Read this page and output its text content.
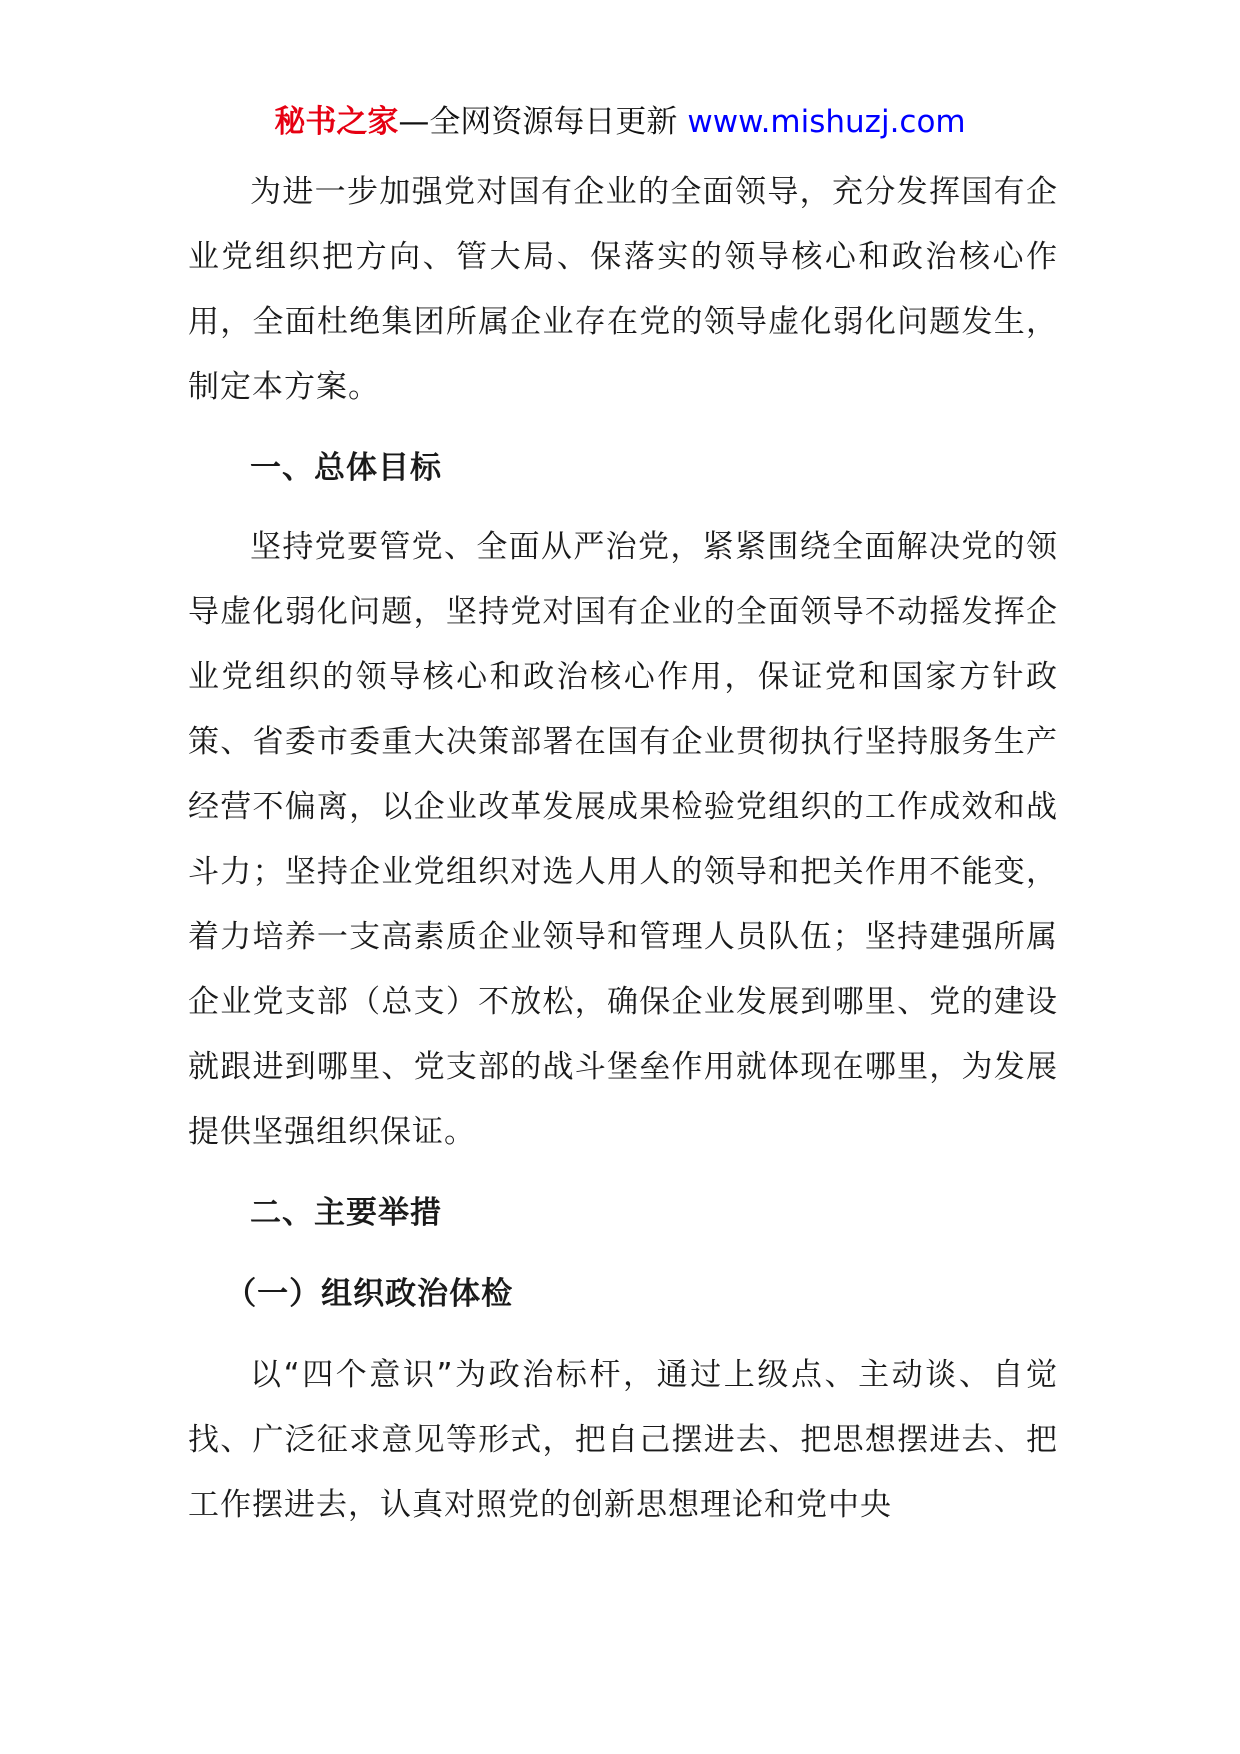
秘书之家—全网资源每日更新 www.mishuzj.com

为进一步加强党对国有企业的全面领导，充分发挥国有企业党组织把方向、管大局、保落实的领导核心和政治核心作用，全面杜绝集团所属企业存在党的领导虚化弱化问题发生，制定本方案。

一、总体目标

坚持党要管党、全面从严治党，紧紧围绕全面解决党的领导虚化弱化问题，坚持党对国有企业的全面领导不动摇发挥企业党组织的领导核心和政治核心作用，保证党和国家方针政策、省委市委重大决策部署在国有企业贯彻执行坚持服务生产经营不偏离，以企业改革发展成果检验党组织的工作成效和战斗力；坚持企业党组织对选人用人的领导和把关作用不能变，着力培养一支高素质企业领导和管理人员队伍；坚持建强所属企业党支部（总支）不放松，确保企业发展到哪里、党的建设就跟进到哪里、党支部的战斗堡垒作用就体现在哪里，为发展提供坚强组织保证。

二、主要举措

（一）组织政治体检

以“四个意识”为政治标杆，通过上级点、主动谈、自觉找、广泛征求意见等形式，把自己摆进去、把思想摆进去、把工作摆进去，认真对照党的创新思想理论和党中央
